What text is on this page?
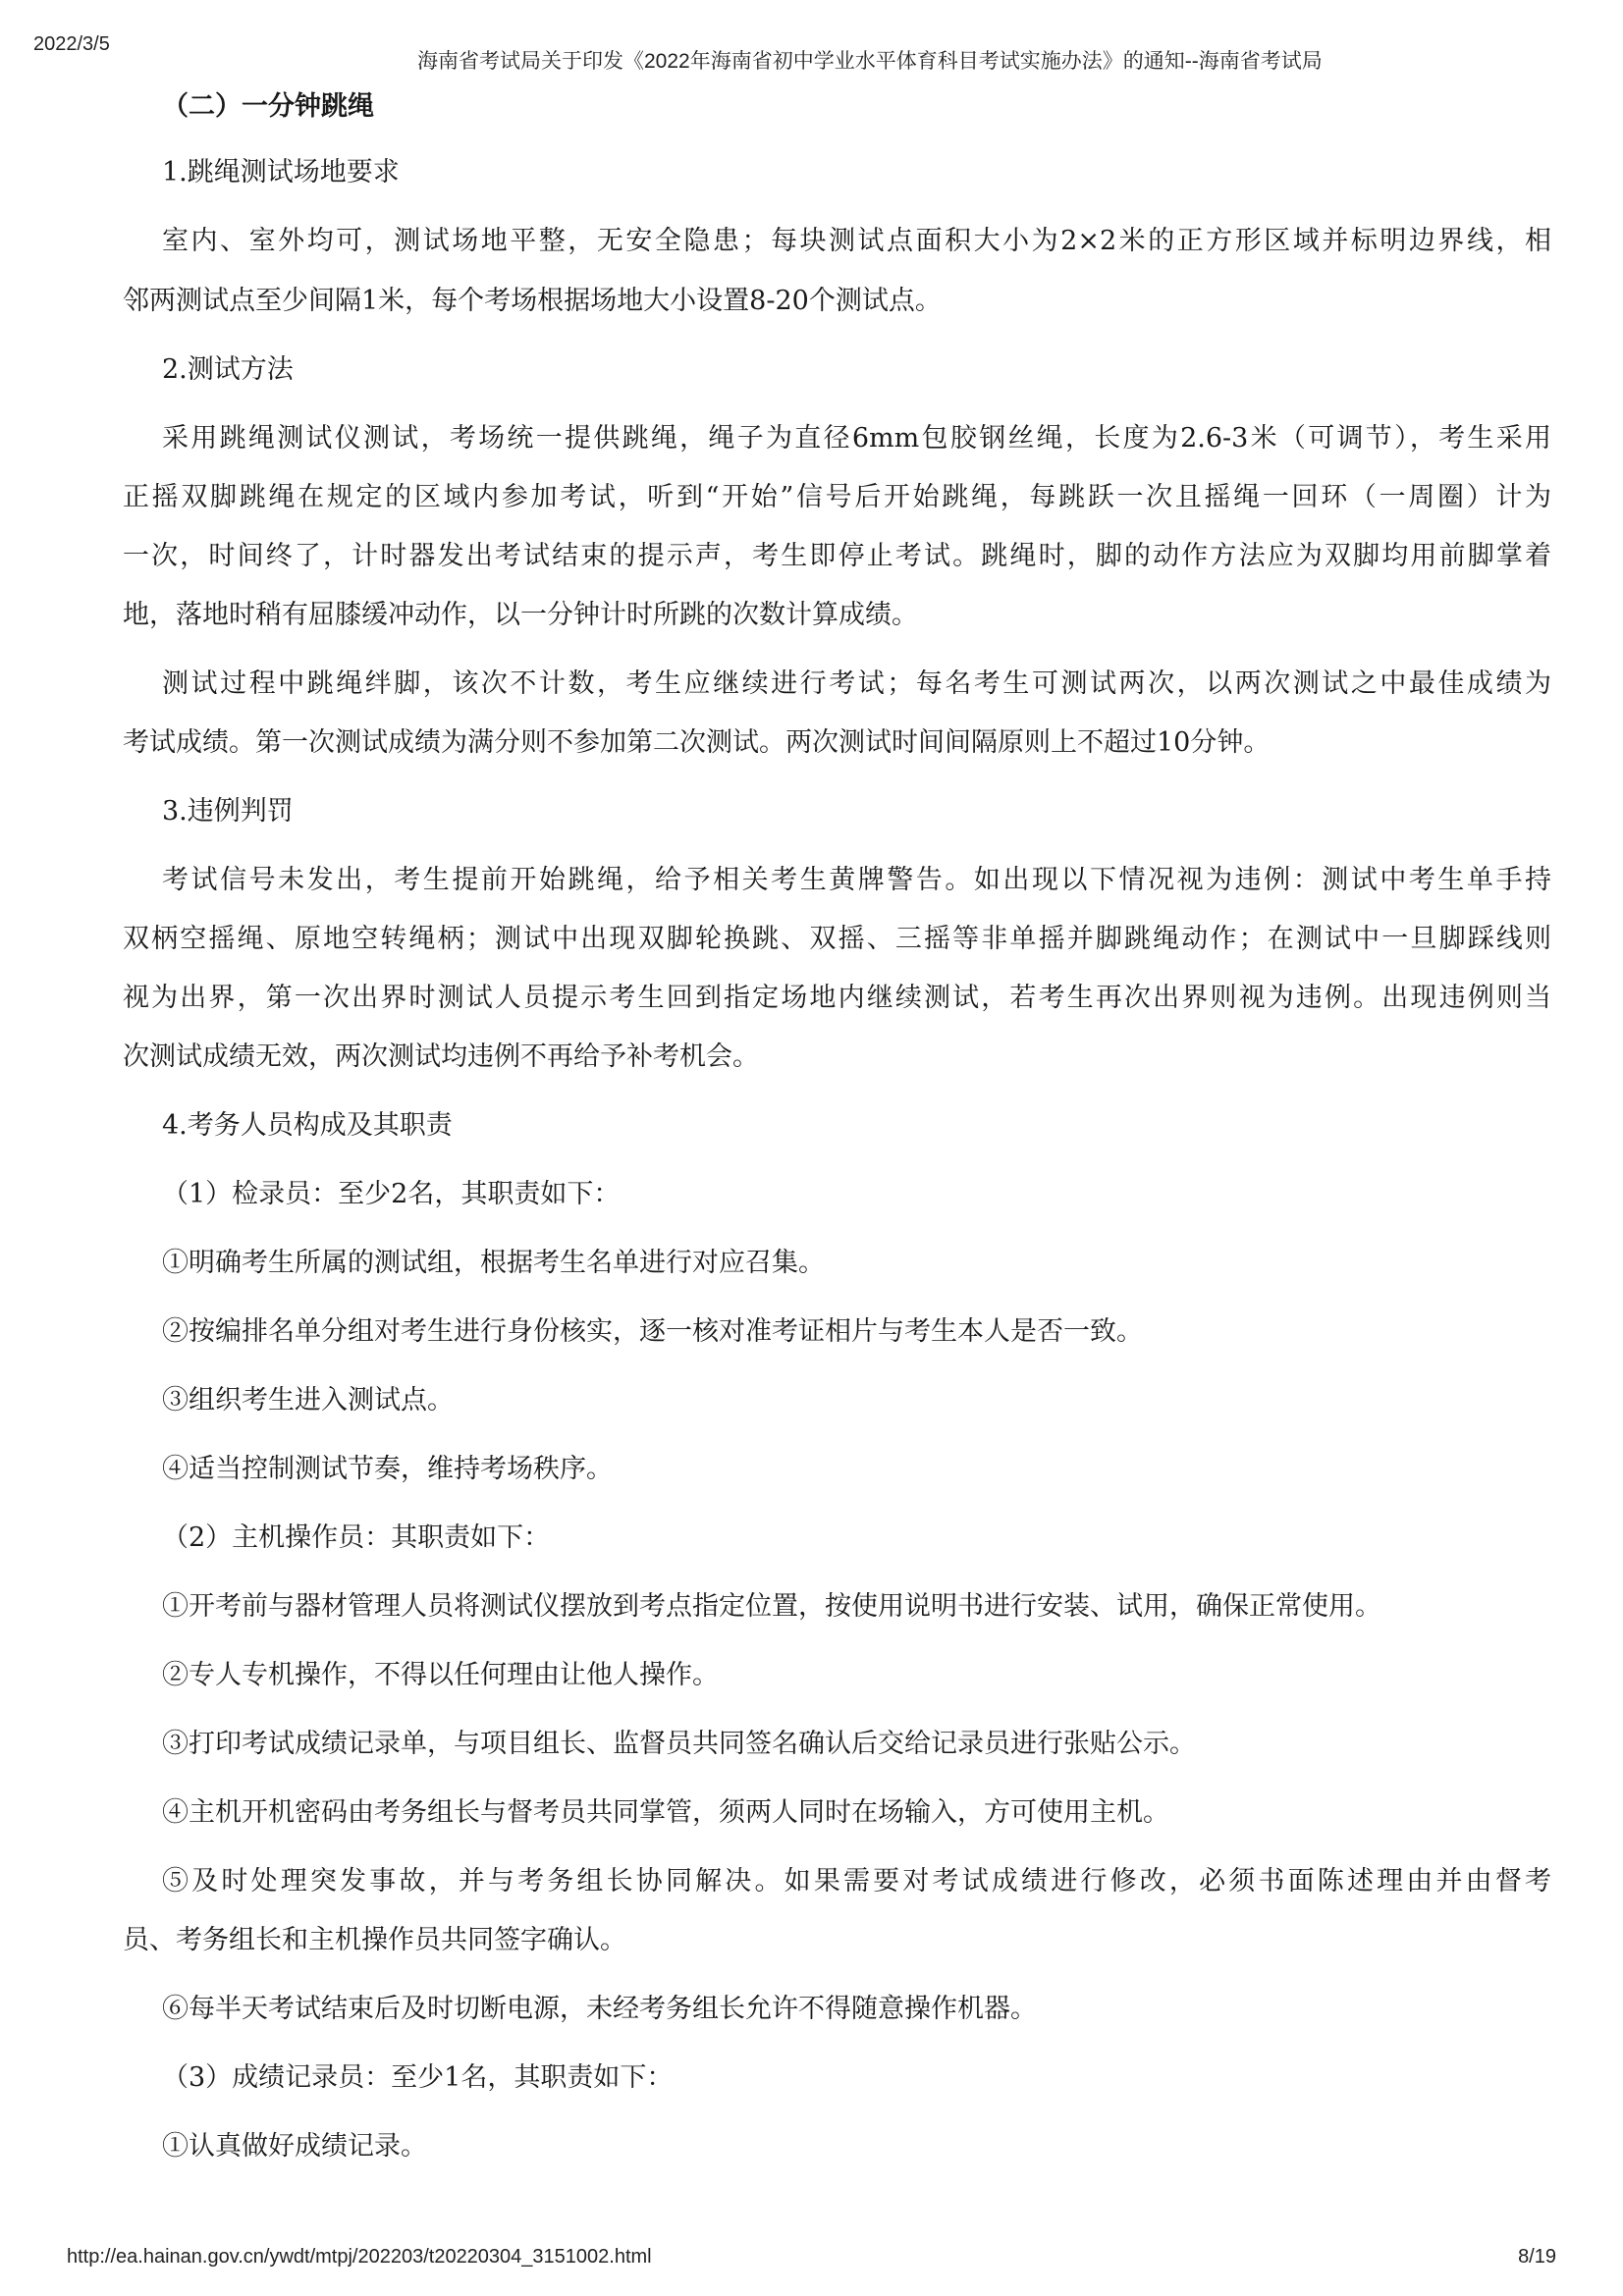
2022/3/5
海南省考试局关于印发《2022年海南省初中学业水平体育科目考试实施办法》的通知--海南省考试局
（二）一分钟跳绳
1.跳绳测试场地要求
室内、室外均可，测试场地平整，无安全隐患；每块测试点面积大小为2×2米的正方形区域并标明边界线，相
邻两测试点至少间隔1米，每个考场根据场地大小设置8-20个测试点。
2.测试方法
采用跳绳测试仪测试，考场统一提供跳绳，绳子为直径6mm包胶钢丝绳，长度为2.6-3米（可调节），考生采用
正摇双脚跳绳在规定的区域内参加考试，听到“开始”信号后开始跳绳，每跳跃一次且摇绳一回环（一周圈）计为
一次，时间终了，计时器发出考试结束的提示声，考生即停止考试。跳绳时，脚的动作方法应为双脚均用前脚掌着
地，落地时稍有屈膝缓冲动作，以一分钟计时所跳的次数计算成绩。
测试过程中跳绳绊脚，该次不计数，考生应继续进行考试；每名考生可测试两次，以两次测试之中最佳成绩为
考试成绩。第一次测试成绩为满分则不参加第二次测试。两次测试时间间隔原则上不超过10分钟。
3.违例判罚
考试信号未发出，考生提前开始跳绳，给予相关考生黄牌警告。如出现以下情况视为违例：测试中考生单手持
双柄空摇绳、原地空转绳柄；测试中出现双脚轮换跳、双摇、三摇等非单摇并脚跳绳动作；在测试中一旦脚踩线则
视为出界，第一次出界时测试人员提示考生回到指定场地内继续测试，若考生再次出界则视为违例。出现违例则当
次测试成绩无效，两次测试均违例不再给予补考机会。
4.考务人员构成及其职责
（1）检录员：至少2名，其职责如下：
①明确考生所属的测试组，根据考生名单进行对应召集。
②按编排名单分组对考生进行身份核实，逐一核对准考证相片与考生本人是否一致。
③组织考生进入测试点。
④适当控制测试节奏，维持考场秩序。
（2）主机操作员：其职责如下：
①开考前与器材管理人员将测试仪摆放到考点指定位置，按使用说明书进行安装、试用，确保正常使用。
②专人专机操作，不得以任何理由让他人操作。
③打印考试成绩记录单，与项目组长、监督员共同签名确认后交给记录员进行张贴公示。
④主机开机密码由考务组长与督考员共同掌管，须两人同时在场输入，方可使用主机。
⑤及时处理突发事故，并与考务组长协同解决。如果需要对考试成绩进行修改，必须书面陈述理由并由督考
员、考务组长和主机操作员共同签字确认。
⑥每半天考试结束后及时切断电源，未经考务组长允许不得随意操作机器。
（3）成绩记录员：至少1名，其职责如下：
①认真做好成绩记录。
http://ea.hainan.gov.cn/ywdt/mtpj/202203/t20220304_3151002.html	8/19
